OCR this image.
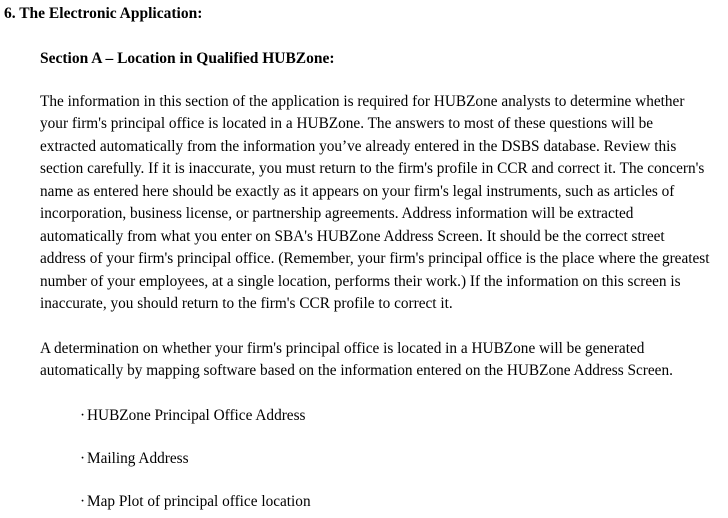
6. The Electronic Application:
Section A – Location in Qualified HUBZone:

The information in this section of the application is required for HUBZone analysts to determine whether your firm's principal office is located in a HUBZone. The answers to most of these questions will be extracted automatically from the information you’ve already entered in the DSBS database. Review this section carefully. If it is inaccurate, you must return to the firm's profile in CCR and correct it. The concern's name as entered here should be exactly as it appears on your firm's legal instruments, such as articles of incorporation, business license, or partnership agreements. Address information will be extracted automatically from what you enter on SBA's HUBZone Address Screen. It should be the correct street address of your firm's principal office. (Remember, your firm's principal office is the place where the greatest number of your employees, at a single location, performs their work.) If the information on this screen is inaccurate, you should return to the firm's CCR profile to correct it.

A determination on whether your firm's principal office is located in a HUBZone will be generated automatically by mapping software based on the information entered on the HUBZone Address Screen.

· HUBZone Principal Office Address
· Mailing Address
· Map Plot of principal office location
